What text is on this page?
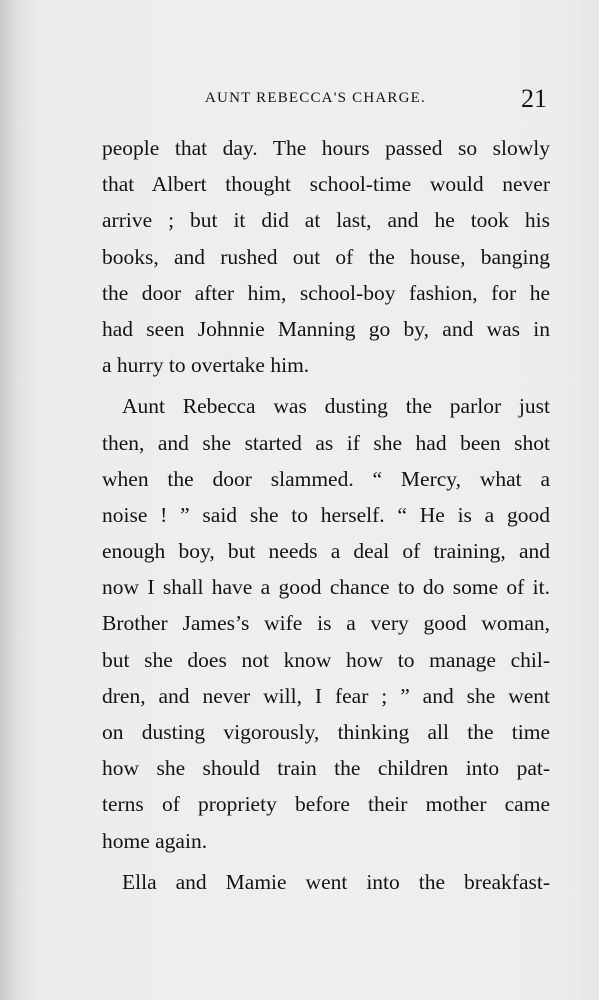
AUNT REBECCA'S CHARGE.	21
people that day. The hours passed so slowly
that Albert thought school-time would never
arrive ; but it did at last, and he took his
books, and rushed out of the house, banging
the door after him, school-boy fashion, for he
had seen Johnnie Manning go by, and was in
a hurry to overtake him.
Aunt Rebecca was dusting the parlor just
then, and she started as if she had been shot
when the door slammed. “ Mercy, what a
noise ! ” said she to herself. “ He is a good
enough boy, but needs a deal of training, and
now I shall have a good chance to do some of it.
Brother James’s wife is a very good woman,
but she does not know how to manage chil-
dren, and never will, I fear ; ” and she went
on dusting vigorously, thinking all the time
how she should train the children into pat-
terns of propriety before their mother came
home again.
Ella and Mamie went into the breakfast-
